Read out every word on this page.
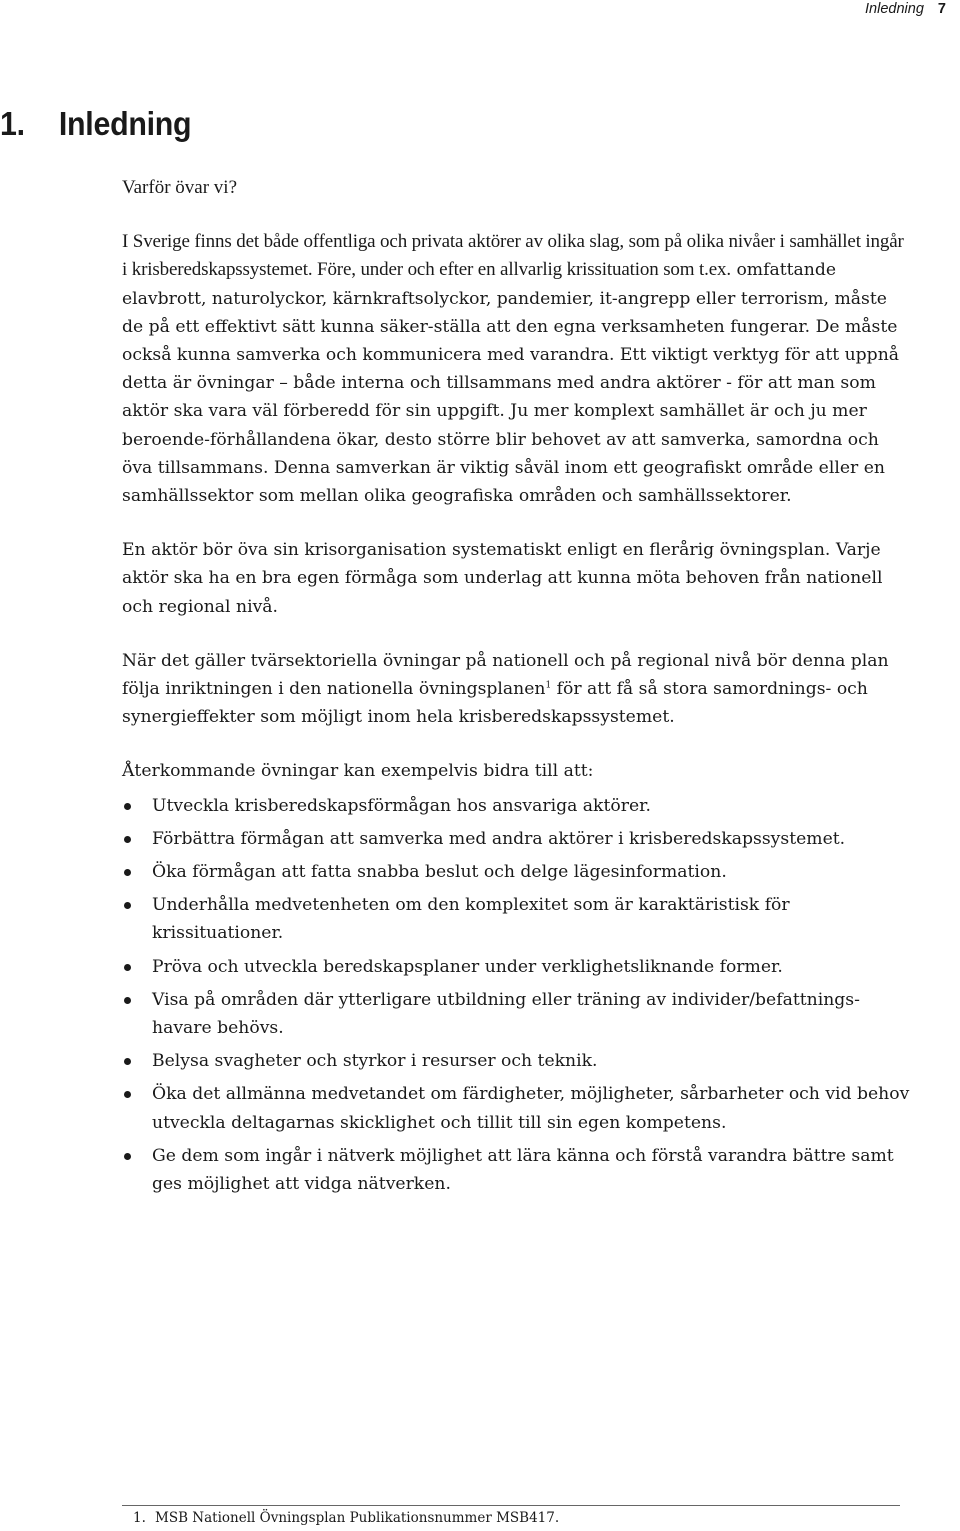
Inledning 7
1. Inledning

Varför övar vi?

I Sverige finns det både offentliga och privata aktörer av olika slag, som på olika nivåer i samhället ingår i krisberedskapssystemet. Före, under och efter en allvarlig krissituation som t.ex. omfattande elavbrott, naturolyckor, kärnkraftsolyckor, pandemier, it-angrepp eller terrorism, måste de på ett effektivt sätt kunna säker-ställa att den egna verksamheten fungerar. De måste också kunna samverka och kommunicera med varandra. Ett viktigt verktyg för att uppnå detta är övningar – både interna och tillsammans med andra aktörer - för att man som aktör ska vara väl förberedd för sin uppgift. Ju mer komplext samhället är och ju mer beroende-förhållandena ökar, desto större blir behovet av att samverka, samordna och öva tillsammans. Denna samverkan är viktig såväl inom ett geografiskt område eller en samhällssektor som mellan olika geografiska områden och samhällssektorer.

En aktör bör öva sin krisorganisation systematiskt enligt en flerårig övningsplan. Varje aktör ska ha en bra egen förmåga som underlag att kunna möta behoven från nationell och regional nivå.

När det gäller tvärsektoriella övningar på nationell och på regional nivå bör denna plan följa inriktningen i den nationella övningsplanen$^1$ för att få så stora samordnings- och synergieffekter som möjligt inom hela krisberedskapssystemet.

Återkommande övningar kan exempelvis bidra till att:

Utveckla krisberedskapsförmågan hos ansvariga aktörer.
Förbättra förmågan att samverka med andra aktörer i krisberedskapssystemet.
Öka förmågan att fatta snabba beslut och delge lägesinformation.
Underhålla medvetenheten om den komplexitet som är karaktäristisk för krissituationer.
Pröva och utveckla beredskapsplaner under verklighetsliknande former.
Visa på områden där ytterligare utbildning eller träning av individer/befattnings-havare behövs.
Belysa svagheter och styrkor i resurser och teknik.
Öka det allmänna medvetandet om färdigheter, möjligheter, sårbarheter och vid behov utveckla deltagarnas skicklighet och tillit till sin egen kompetens.
Ge dem som ingår i nätverk möjlighet att lära känna och förstå varandra bättre samt ges möjlighet att vidga nätverken.
1. MSB Nationell Övningsplan Publikationsnummer MSB417.
